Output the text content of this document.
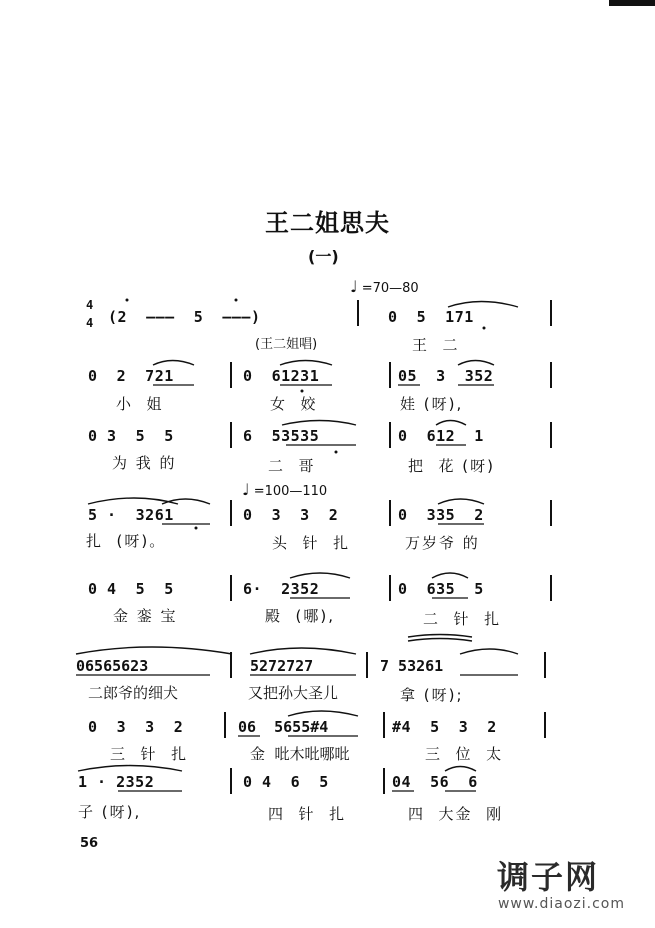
王二姐思夫
(一)
♩ =70—80
♩ =100—110
4
4 (2  ———  5  ———)	0  5  171
(王二姐唱)	王  二
0  2  721	0  61231	05  3  352
小  姐	女  姣	娃 (呀),
0 3  5  5	6  53535	0  612  1
为 我 的	二  哥	把  花 (呀)
5 ·  3261	0  3  3  2	0  335  2
扎  (呀)。	头  针  扎	万岁爷 的
0 4  5  5	6·  2352	0  635  5
金 銮 宝	殿  (哪),	二  针  扎
06565623	5272727	7 53261
二郎爷的细犬	又把孙大圣儿	拿 (呀);
0  3  3  2	06  5655#4	#4  5  3  2
三  针  扎	金  吡木吡哪吡	三  位  太
1 · 2352	0 4  6  5	04  56  6
子 (呀),	四  针  扎	四  大金  刚
56
调子网
www.diaozi.com
